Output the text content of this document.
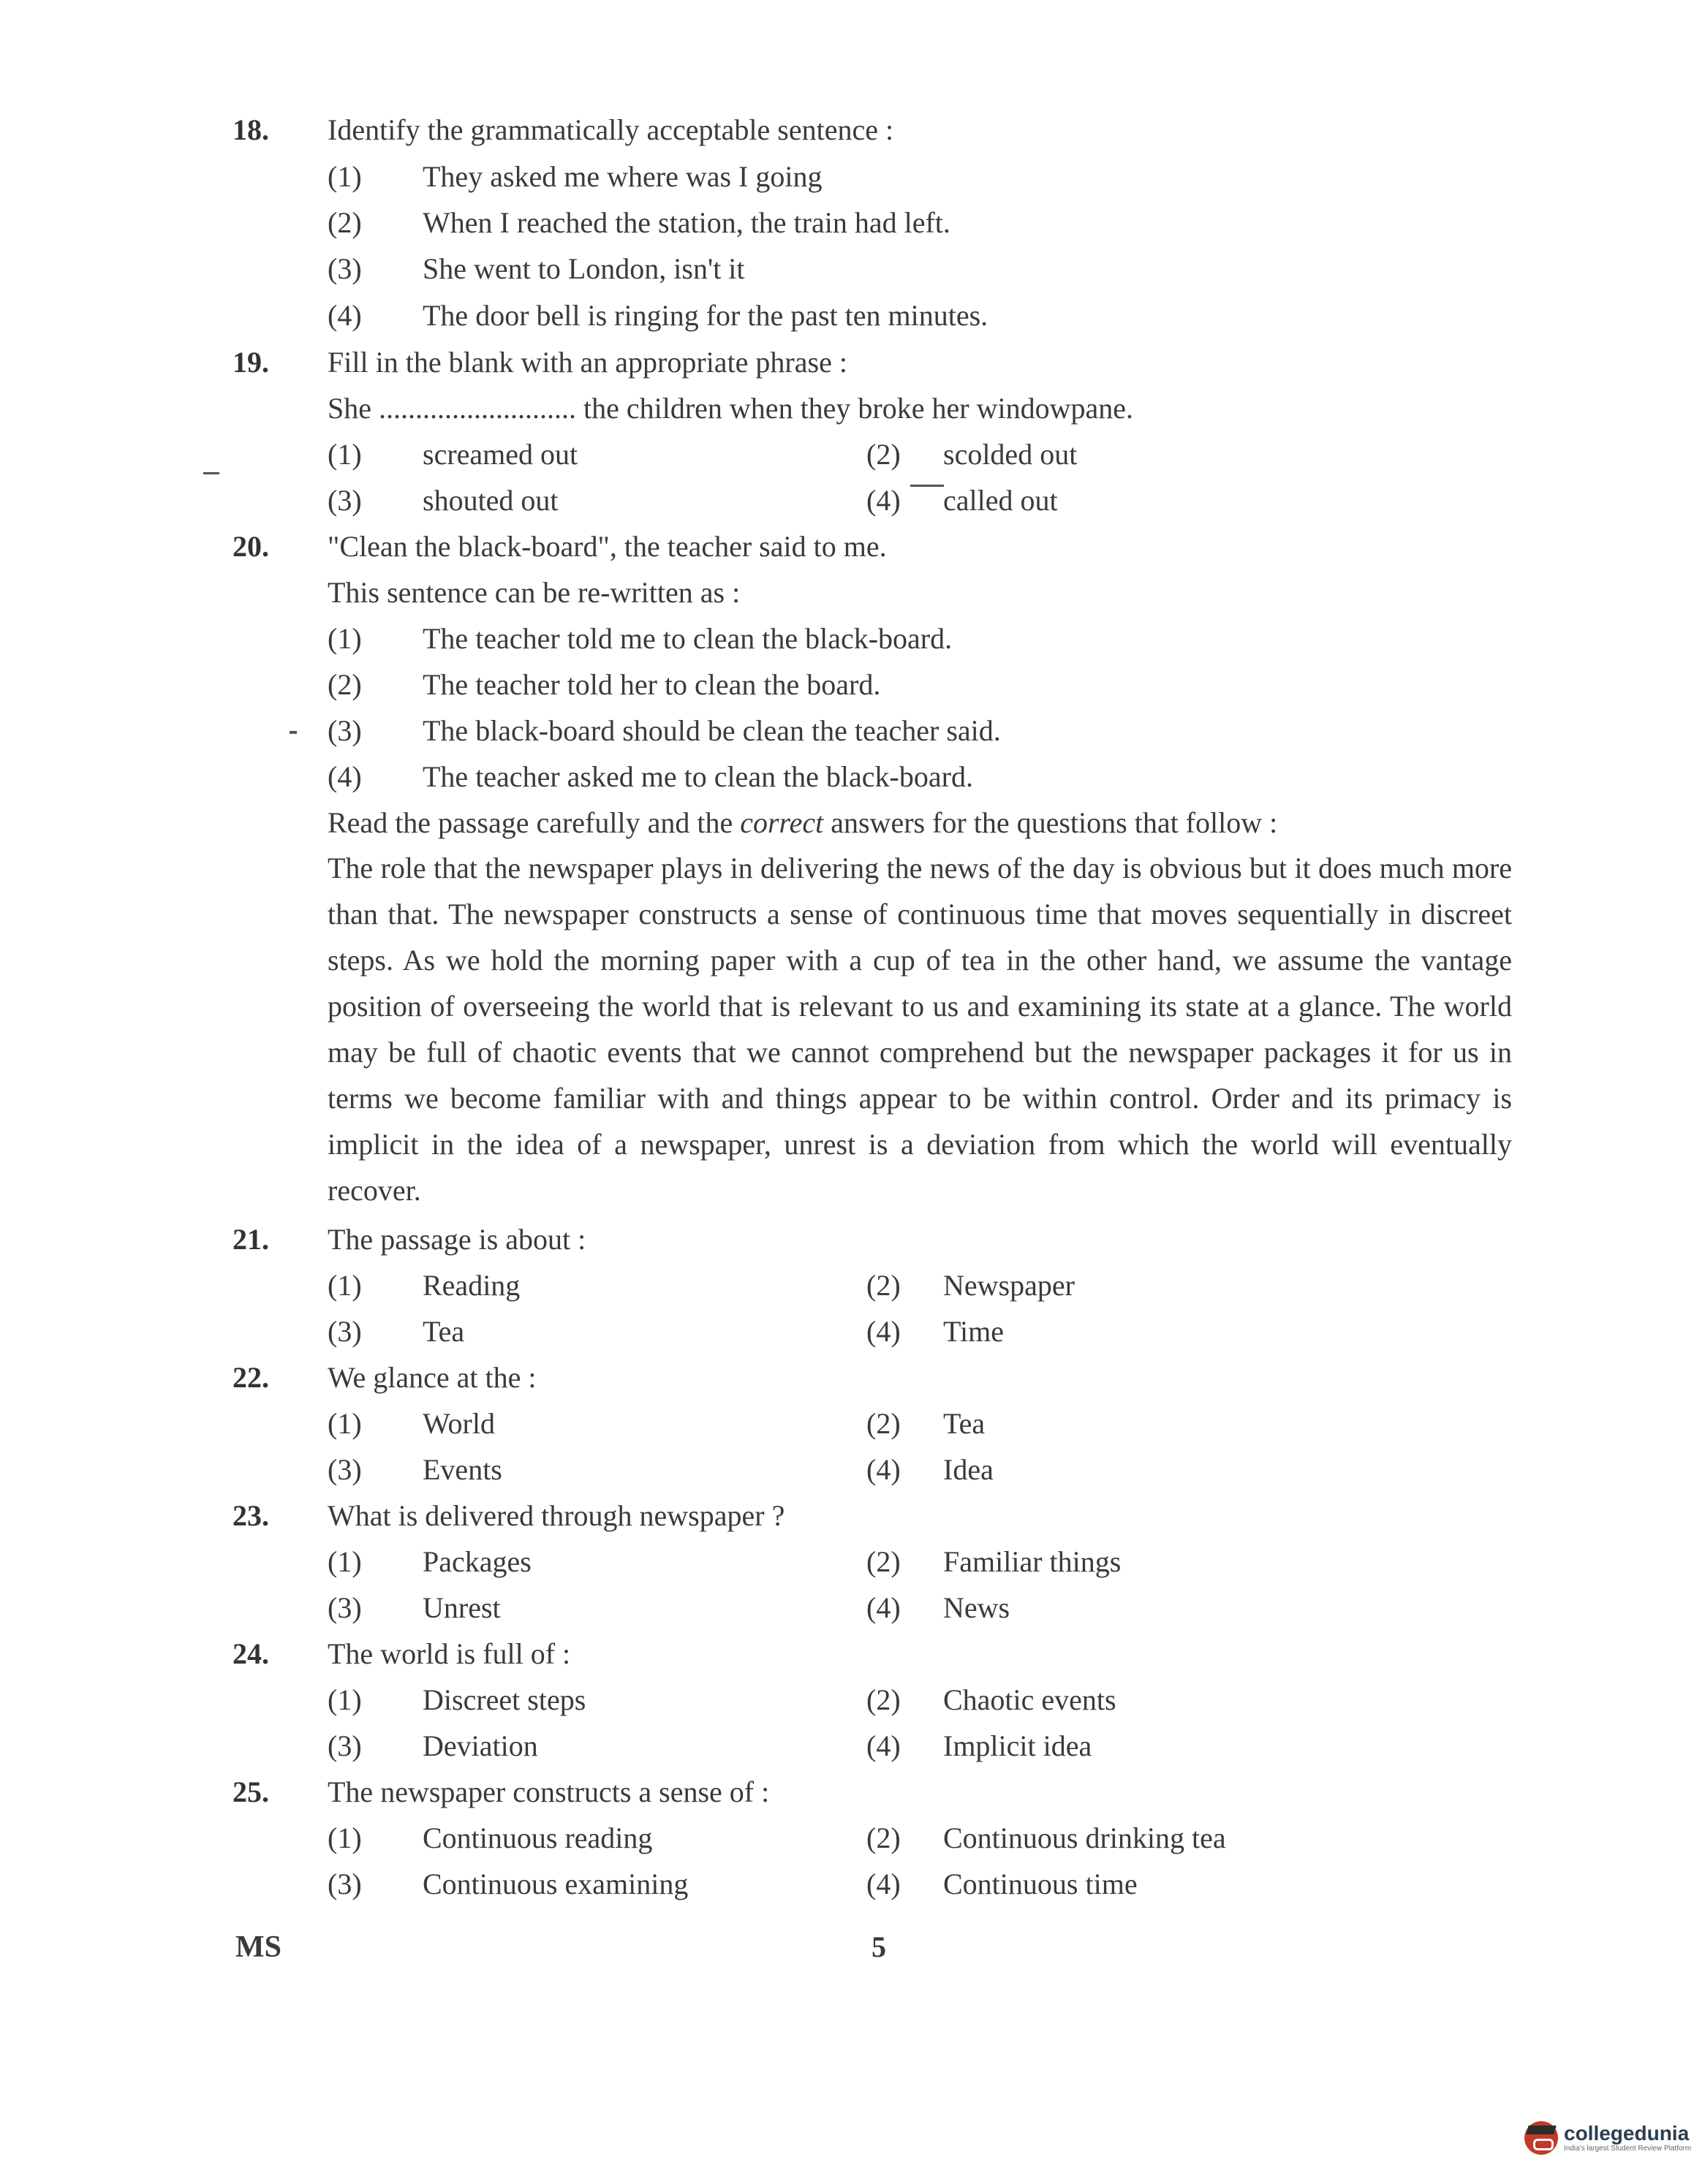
18. Identify the grammatically acceptable sentence :
(1) They asked me where was I going
(2) When I reached the station, the train had left.
(3) She went to London, isn't it
(4) The door bell is ringing for the past ten minutes.
19. Fill in the blank with an appropriate phrase :
She ........................... the children when they broke her windowpane.
(1) screamed out	(2) scolded out
(3) shouted out	(4) called out
20. "Clean the black-board", the teacher said to me.
This sentence can be re-written as :
(1) The teacher told me to clean the black-board.
(2) The teacher told her to clean the board.
(3) The black-board should be clean the teacher said.
(4) The teacher asked me to clean the black-board.
Read the passage carefully and the correct answers for the questions that follow :
The role that the newspaper plays in delivering the news of the day is obvious but it does much more than that. The newspaper constructs a sense of continuous time that moves sequentially in discreet steps. As we hold the morning paper with a cup of tea in the other hand, we assume the vantage position of overseeing the world that is relevant to us and examining its state at a glance. The world may be full of chaotic events that we cannot comprehend but the newspaper packages it for us in terms we become familiar with and things appear to be within control. Order and its primacy is implicit in the idea of a newspaper, unrest is a deviation from which the world will eventually recover.
21. The passage is about :
(1) Reading	(2) Newspaper
(3) Tea	(4) Time
22. We glance at the :
(1) World	(2) Tea
(3) Events	(4) Idea
23. What is delivered through newspaper ?
(1) Packages	(2) Familiar things
(3) Unrest	(4) News
24. The world is full of :
(1) Discreet steps	(2) Chaotic events
(3) Deviation	(4) Implicit idea
25. The newspaper constructs a sense of :
(1) Continuous reading	(2) Continuous drinking tea
(3) Continuous examining	(4) Continuous time
MS	5
collegedunia
India's largest Student Review Platform
